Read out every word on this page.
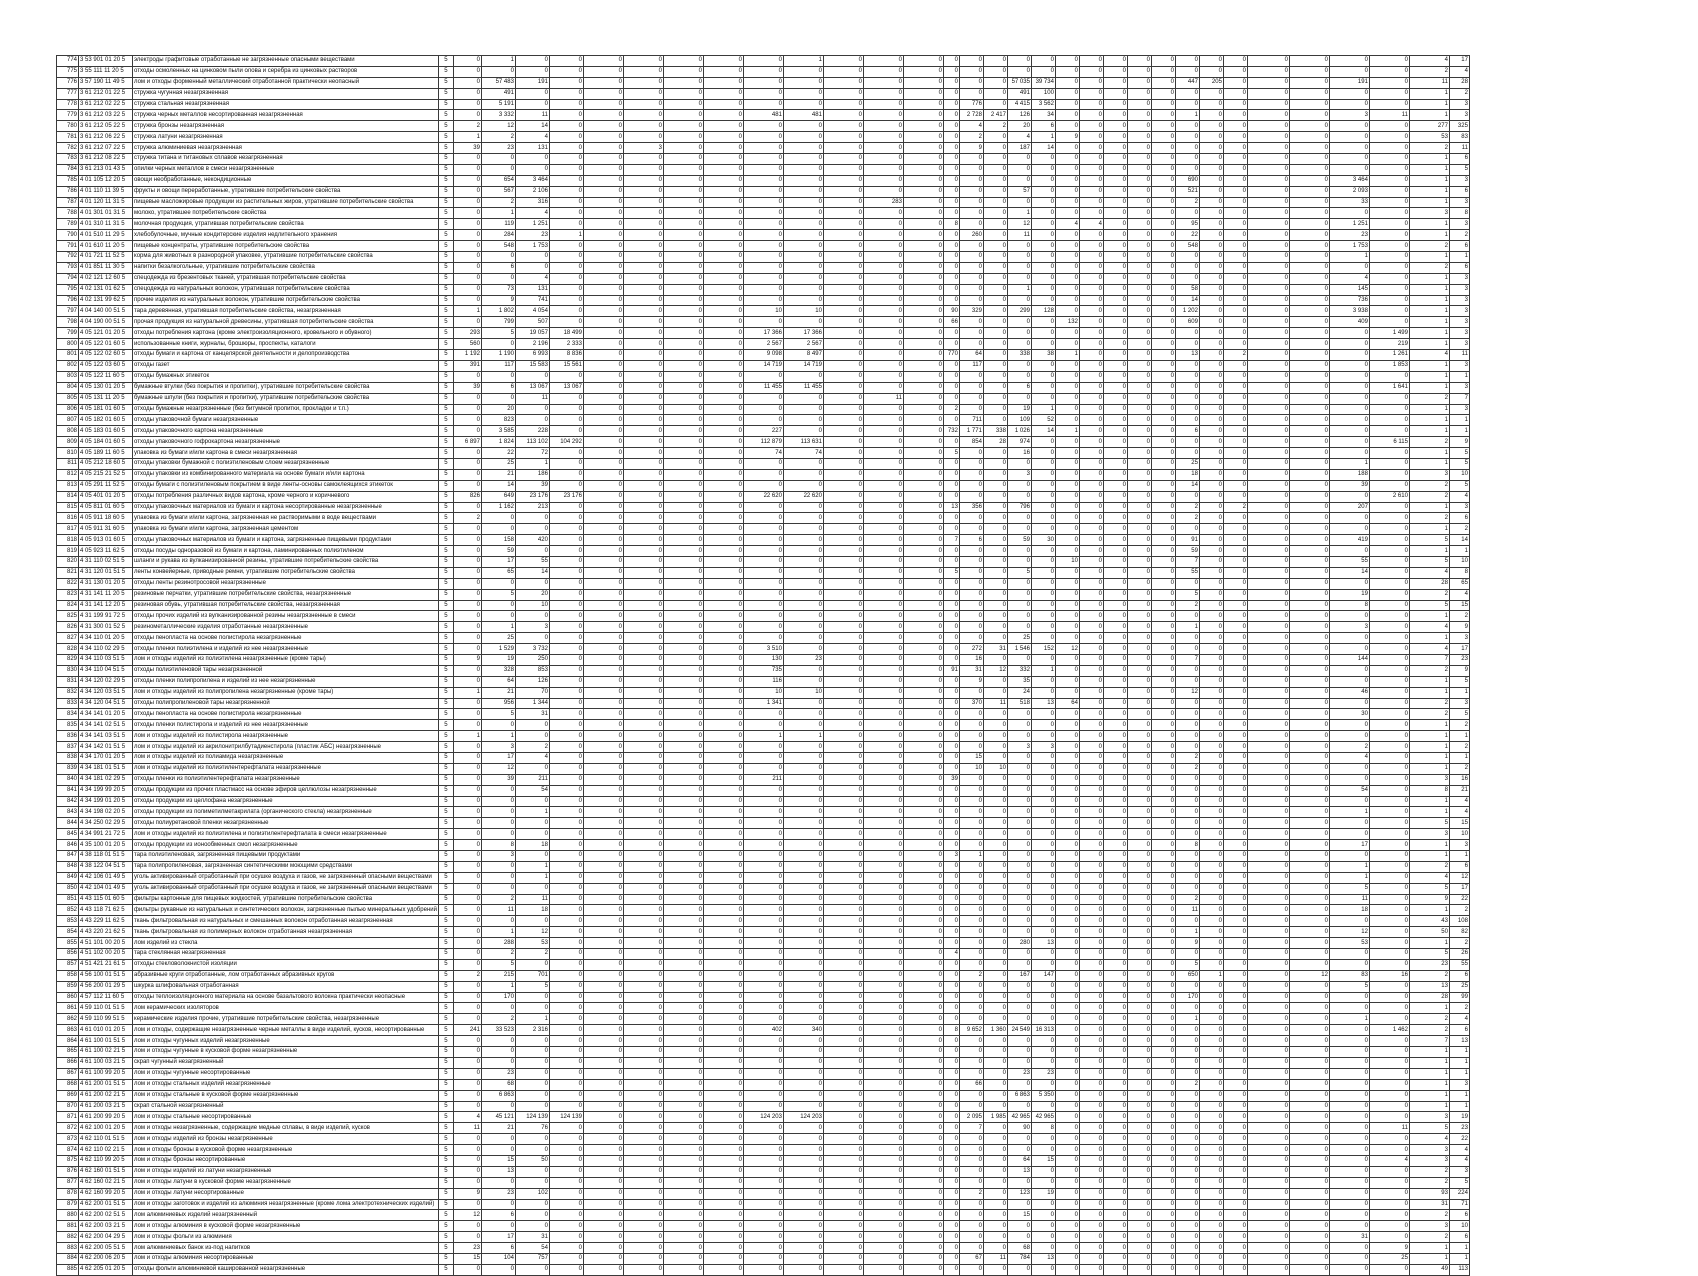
774	3 53 901 01 20 5	электроды графитовые отработанные не загрязненные опасными веществами	5	0	1	0	0	0	0	0	0	0	1	0	0	0	0	0	0	0	0	0	0	0	0	0	0	0	0	0	0	0	0	4	17
775	3 55 111 11 20 5	отходы осмоленных на цинковом пыли олова и серебра из цинковых растворов	5	0	0	0	0	0	0	0	0	0	0	0	0	0	0	0	0	0	0	0	0	0	0	0	0	0	0	0	0	0	0	2	4
776	3 57 190 11 49 5	лом и отходы форменный металлический отработанной практически неопасный	5	0	57 483	191	0	0	0	0	0	0	0	0	0	0	0	0	0	57 035	39 734	0	0	0	0	0	447	205	0	0	0	191	0	11	28
777	3 61 212 01 22 5	стружка чугунная незагрязненная	5	0	491	0	0	0	0	0	0	0	0	0	0	0	0	0	0	491	100	0	0	0	0	0	0	0	0	0	0	0	0	1	2
778	3 61 212 02 22 5	стружка стальная незагрязненная	5	0	5 191	0	0	0	0	0	0	0	0	0	0	0	0	776	0	4 415	3 562	0	0	0	0	0	0	0	0	0	0	0	0	1	3
779	3 61 212 03 22 5	стружка черных металлов несортированная незагрязненная	5	0	3 332	11	0	0	0	0	0	481	481	0	0	0	0	2 728	2 417	126	34	0	0	0	0	0	1	0	0	0	0	3	11	1	3
780	3 61 212 05 22 5	стружка бронзы незагрязненная	5	2	12	14	0	0	0	0	0	0	0	0	0	0	0	4	2	20	6	0	0	0	0	0	0	0	0	0	0	0	0	277	325
781	3 61 212 06 22 5	стружка латуни незагрязненная	5	1	2	4	0	0	0	0	0	0	0	0	0	0	0	2	0	4	1	9	0	0	0	0	0	0	0	0	0	0	0	53	83
782	3 61 212 07 22 5	стружка алюминиевая незагрязненная	5	39	23	131	0	0	3	0	0	0	0	0	0	0	0	9	0	187	14	0	0	0	0	0	0	0	0	0	0	0	0	2	11
783	3 61 212 08 22 5	стружка титана и титановых сплавов незагрязненная	5	0	0	0	0	0	0	0	0	0	0	0	0	0	0	0	0	0	0	0	0	0	0	0	0	0	0	0	0	0	0	1	6
784	3 61 213 01 43 5	опилки черных металлов в смеси незагрязненные	5	0	0	0	0	0	0	0	0	0	0	0	0	0	0	0	0	0	0	0	0	0	0	0	0	0	0	0	0	0	0	1	5
785	4 01 105 12 20 5	овощи необработанные, некондиционные	5	0	654	3 464	0	0	0	0	0	0	0	0	0	0	0	0	0	0	0	0	0	0	0	0	690	0	0	0	0	3 464	0	1	3
786	4 01 110 11 39 5	фрукты и овощи переработанные, утратившие потребительские свойства	5	0	567	2 106	0	0	0	0	0	0	0	0	0	0	0	0	0	57	0	0	0	0	0	0	521	0	0	0	0	2 093	0	1	6
787	4 01 120 11 31 5	пищевые масложировые продукции из растительных жиров, утратившие потребительские свойства	5	0	2	316	0	0	0	0	0	0	0	0	283	0	0	0	0	0	0	0	0	0	0	0	2	0	0	0	0	33	0	1	3
788	4 01 301 01 31 5	молоко, утратившее потребительские свойства	5	0	1	4	0	0	0	0	0	0	0	0	0	0	0	0	0	1	0	0	0	0	0	0	0	0	0	0	0	0	0	3	8
789	4 01 310 11 31 5	молочная продукция, утратившая потребительские свойства	5	0	119	1 251	0	0	0	0	0	0	0	0	0	0	8	0	0	12	0	4	4	0	0	0	95	0	0	0	0	1 251	0	1	3
790	4 01 510 11 29 5	хлебобулочные, мучные кондитерские изделия недлительного хранения	5	0	284	23	1	0	0	0	0	0	0	0	0	0	0	260	0	11	0	0	0	0	0	0	22	0	0	0	0	23	0	1	2
791	4 01 610 11 20 5	пищевые концентраты, утратившие потребительские свойства	5	0	548	1 753	0	0	0	0	0	0	0	0	0	0	0	0	0	0	0	0	0	0	0	0	548	0	0	0	0	1 753	0	2	6
792	4 01 721 11 52 5	корма для животных в разнородной упаковке, утратившие потребительские свойства	5	0	0	0	0	0	0	0	0	0	0	0	0	0	0	0	0	0	0	0	0	0	0	0	0	0	0	0	0	1	0	1	1
793	4 01 851 11 30 5	напитки безалкогольные, утратившие потребительские свойства	5	0	6	0	0	0	0	0	0	0	0	0	0	0	0	0	0	0	0	0	0	0	0	0	0	0	0	0	0	0	0	2	6
794	4 02 121 12 60 5	спецодежда из брезентовых тканей, утратившая потребительские свойства	5	0	0	4	0	0	0	0	0	0	0	0	0	0	0	0	0	0	0	0	0	0	0	0	0	0	0	0	0	4	0	1	3
795	4 02 131 01 62 5	спецодежда из натуральных волокон, утратившая потребительские свойства	5	0	73	131	0	0	0	0	0	0	0	0	0	0	0	0	0	1	0	0	0	0	0	0	58	0	0	0	0	145	0	1	3
796	4 02 131 99 62 5	прочие изделия из натуральных волокон, утратившие потребительские свойства	5	0	9	741	0	0	0	0	0	0	0	0	0	0	0	0	0	0	0	0	0	0	0	0	14	0	0	0	0	736	0	1	3
797	4 04 140 00 51 5	тара деревянная, утратившая потребительские свойства, незагрязненная	5	1	1 802	4 054	0	0	0	0	0	10	10	0	0	0	90	329	0	299	128	0	0	0	0	0	1 202	0	0	0	0	3 938	0	1	3
798	4 04 190 00 51 5	прочая продукция из натуральной древесины, утратившая потребительские свойства	5	0	799	507	0	0	0	0	0	0	0	0	0	0	66	0	0	0	0	132	0	0	0	0	609	0	0	0	0	409	0	1	3
799	4 05 121 01 20 5	отходы потребления картона (кроме электроизоляционного, кровельного и обувного)	5	293	5	19 057	18 499	0	0	0	0	17 366	17 366	0	0	0	0	0	0	0	0	0	0	0	0	0	0	0	0	0	0	0	1 499	1	3
800	4 05 122 01 60 5	использованные книги, журналы, брошюры, проспекты, каталоги	5	560	0	2 196	2 333	0	0	0	0	2 567	2 567	0	0	0	0	0	0	0	0	0	0	0	0	0	0	0	0	0	0	0	219	1	3
801	4 05 122 02 60 5	отходы бумаги и картона от канцелярской деятельности и делопроизводства	5	1 192	1 190	6 993	8 836	0	0	0	0	9 098	8 497	0	0	0	770	64	0	338	38	1	0	0	0	0	13	0	2	0	0	0	1 261	4	11
802	4 05 122 03 60 5	отходы газет	5	391	117	15 583	15 561	0	0	0	0	14 719	14 719	0	0	0	0	117	0	0	0	0	0	0	0	0	0	0	0	0	0	0	1 853	1	3
803	4 05 122 11 60 5	отходы бумажных этикеток	5	0	0	0	0	0	0	0	0	0	0	0	0	0	0	0	0	0	0	0	0	0	0	0	0	0	0	0	0	0	0	1	1
804	4 05 130 01 20 5	бумажные втулки (без покрытия и пропитки), утратившие потребительские свойства	5	39	6	13 067	13 067	0	0	0	0	11 455	11 455	0	0	0	0	0	0	6	0	0	0	0	0	0	0	0	0	0	0	0	1 641	1	3
805	4 05 131 11 20 5	бумажные шпули (без покрытия и пропитки), утратившие потребительские свойства	5	0	0	11	0	0	0	0	0	0	0	0	11	0	0	0	0	0	0	0	0	0	0	0	0	0	0	0	0	0	0	2	7
806	4 05 181 01 60 5	отходы бумажные незагрязненные (без битумной пропитки, прокладки и т.п.)	5	0	20	0	0	0	0	0	0	0	0	0	0	0	2	0	0	19	1	0	0	0	0	0	0	0	0	0	0	0	0	1	3
807	4 05 182 01 60 5	отходы упаковочной бумаги незагрязненные	5	0	823	0	0	0	0	0	0	0	0	0	0	0	0	711	0	109	52	0	0	0	0	0	0	0	0	0	0	0	0	1	1
808	4 05 183 01 60 5	отходы упаковочного картона незагрязненные	5	0	3 585	228	0	0	0	0	0	227	0	0	0	0	732	1 771	338	1 026	14	1	0	0	0	0	6	0	0	0	0	0	0	1	1
809	4 05 184 01 60 5	отходы упаковочного гофрокартона незагрязненные	5	6 897	1 824	113 102	104 292	0	0	0	0	112 879	113 631	0	0	0	0	854	28	974	0	0	0	0	0	0	0	0	0	0	0	0	6 115	2	9
810	4 05 189 11 60 5	упаковка из бумаги и/или картона в смеси незагрязненная	5	0	22	72	0	0	0	0	0	74	74	0	0	0	5	0	0	16	0	0	0	0	0	0	0	0	0	0	0	0	0	1	5
811	4 05 212 18 60 5	отходы упаковки бумажной с полиэтиленовым слоем незагрязненные	5	0	25	1	0	0	0	0	0	0	0	0	0	0	0	0	0	0	0	0	0	0	0	0	25	0	0	0	0	1	0	1	5
812	4 05 215 21 52 5	отходы упаковки из комбинированного материала на основе бумаги и/или картона	5	0	21	186	0	0	0	0	0	0	0	0	0	0	0	0	0	3	0	0	0	0	0	0	18	0	0	0	0	188	0	3	10
813	4 05 291 11 52 5	отходы бумаги с полиэтиленовым покрытием в виде ленты-основы самоклеящихся этикеток	5	0	14	39	0	0	0	0	0	0	0	0	0	0	0	0	0	0	0	0	0	0	0	0	14	0	0	0	0	39	0	2	5
814	4 05 401 01 20 5	отходы потребления различных видов картона, кроме черного и коричневого	5	826	649	23 176	23 176	0	0	0	0	22 620	22 620	0	0	0	0	0	0	0	0	0	0	0	0	0	0	0	0	0	0	0	2 610	2	4
815	4 05 811 01 60 5	отходы упаковочных материалов из бумаги и картона несортированные незагрязненные	5	0	1 162	213	0	0	0	0	0	0	0	0	0	0	13	356	0	796	0	0	0	0	0	0	2	0	2	0	0	207	0	1	3
816	4 05 911 18 60 5	упаковка из бумаги и/или картона, загрязненная не растворимыми в воде веществами	5	2	0	0	0	0	0	0	0	0	0	0	0	0	0	0	0	0	0	0	0	0	0	0	2	0	0	0	0	0	0	2	6
817	4 05 911 31 60 5	упаковка из бумаги и/или картона, загрязненная цементом	5	0	0	0	0	0	0	0	0	0	0	0	0	0	0	0	0	0	0	0	0	0	0	0	0	0	0	0	0	0	0	1	2
818	4 05 913 01 60 5	отходы упаковочных материалов из бумаги и картона, загрязненные пищевыми продуктами	5	0	158	420	0	0	0	0	0	0	0	0	0	0	7	6	0	59	30	0	0	0	0	0	91	0	0	0	0	419	0	5	14
819	4 05 923 11 62 5	отходы посуды одноразовой из бумаги и картона, ламинированных полиэтиленом	5	0	59	0	0	0	0	0	0	0	0	0	0	0	0	0	0	0	0	0	0	0	0	0	59	0	0	0	0	0	0	1	1
820	4 31 110 02 51 5	шланги и рукава из вулканизированной резины, утратившие потребительские свойства	5	0	17	55	0	0	0	0	0	0	0	0	0	0	0	0	0	0	0	10	0	0	0	0	7	0	0	0	0	55	0	5	10
821	4 31 120 01 51 5	ленты конвейерные, приводные ремни, утратившие потребительские свойства	5	0	65	14	0	0	0	0	0	0	0	0	0	0	5	0	0	5	0	0	0	0	0	0	55	0	0	0	0	14	0	4	8
822	4 31 130 01 20 5	отходы ленты резинотросовой незагрязненные	5	0	0	0	0	0	0	0	0	0	0	0	0	0	0	0	0	0	0	0	0	0	0	0	0	0	0	0	0	0	0	28	65
823	4 31 141 11 20 5	резиновые перчатки, утратившие потребительские свойства, незагрязненные	5	0	5	20	0	0	0	0	0	0	0	0	0	0	0	0	0	0	0	0	0	0	0	0	5	0	0	0	0	19	0	2	4
824	4 31 141 12 20 5	резиновая обувь, утратившая потребительские свойства, незагрязненная	5	0	0	10	0	0	0	0	0	0	0	0	0	0	0	0	0	0	0	0	0	0	0	0	2	0	0	0	0	8	0	5	15
825	4 31 199 91 72 5	отходы прочих изделий из вулканизированной резины незагрязненные в смеси	5	0	0	0	0	0	0	0	0	0	0	0	0	0	0	0	0	0	0	0	0	0	0	0	0	0	0	0	0	0	0	1	2
826	4 31 300 01 52 5	резинометаллические изделия отработанные незагрязненные	5	0	1	3	0	0	0	0	0	0	0	0	0	0	0	0	0	0	0	0	0	0	0	0	1	0	0	0	0	3	0	4	9
827	4 34 110 01 20 5	отходы пенопласта на основе полистирола незагрязненные	5	0	25	0	0	0	0	0	0	0	0	0	0	0	0	0	0	25	0	0	0	0	0	0	0	0	0	0	0	0	0	1	3
828	4 34 110 02 29 5	отходы пленки полиэтилена и изделий из нее незагрязненные	5	0	1 529	3 732	0	0	0	0	0	3 510	0	0	0	0	0	272	31	1 546	152	12	0	0	0	0	0	0	0	0	0	0	0	4	17
829	4 34 110 03 51 5	лом и отходы изделий из полиэтилена незагрязненные (кроме тары)	5	9	19	250	0	0	0	0	0	130	23	0	0	0	0	16	0	0	0	0	0	0	0	0	7	0	0	0	0	144	0	7	23
830	4 34 110 04 51 5	отходы полиэтиленовой тары незагрязненной	5	0	328	853	0	0	0	0	0	735	0	0	0	0	91	31	12	332	1	0	0	0	0	0	0	0	0	0	0	0	0	2	9
831	4 34 120 02 29 5	отходы пленки полипропилена и изделий из нее незагрязненные	5	0	64	126	0	0	0	0	0	116	0	0	0	0	0	9	0	35	0	0	0	0	0	0	0	0	0	0	0	0	0	1	5
832	4 34 120 03 51 5	лом и отходы изделий из полипропилена незагрязненные (кроме тары)	5	1	21	70	0	0	0	0	0	10	10	0	0	0	0	0	0	24	0	0	0	0	0	0	12	0	0	0	0	46	0	1	1
833	4 34 120 04 51 5	отходы полипропиленовой тары незагрязненной	5	0	956	1 344	0	0	0	0	0	1 341	0	0	0	0	0	370	11	518	13	64	0	0	0	0	0	0	0	0	0	0	0	2	3
834	4 34 141 01 20 5	отходы пенопласта на основе полистирола незагрязненные	5	0	5	31	0	0	0	0	0	0	0	0	0	0	0	0	0	0	0	0	0	0	0	0	0	0	0	0	0	30	0	2	5
835	4 34 141 02 51 5	отходы пленки полистирола и изделий из нее незагрязненные	5	0	0	0	0	0	0	0	0	0	0	0	0	0	0	0	0	0	0	0	0	0	0	0	0	0	0	0	0	0	0	1	2
836	4 34 141 03 51 5	лом и отходы изделий из полистирола незагрязненные	5	1	1	0	0	0	0	0	0	1	1	0	0	0	0	0	0	0	0	0	0	0	0	0	0	0	0	0	0	0	0	1	1
837	4 34 142 01 51 5	лом и отходы изделий из акрилонитрилбутадиенстирола (пластик АБС) незагрязненные	5	0	3	2	0	0	0	0	0	0	0	0	0	0	0	0	0	3	3	0	0	0	0	0	0	0	0	0	0	2	0	1	2
838	4 34 170 01 20 5	лом и отходы изделий из полиамида незагрязненные	5	0	17	4	0	0	0	0	0	0	0	0	0	0	0	15	0	0	0	0	0	0	0	0	2	0	0	0	0	4	0	1	1
839	4 34 181 01 51 5	лом и отходы изделий из полиэтилентерефталата незагрязненные	5	0	12	0	0	0	0	0	0	0	0	0	0	0	0	10	10	0	0	0	0	0	0	0	2	0	0	0	0	0	0	1	2
840	4 34 181 02 29 5	отходы пленки из полиэтилентерефталата незагрязненные	5	0	39	211	0	0	0	0	0	211	0	0	0	0	39	0	0	0	0	0	0	0	0	0	0	0	0	0	0	0	0	3	16
841	4 34 199 99 20 5	отходы продукции из прочих пластмасс на основе эфиров целлюлозы незагрязненные	5	0	0	54	0	0	0	0	0	0	0	0	0	0	0	0	0	0	0	0	0	0	0	0	0	0	0	0	0	54	0	8	21
842	4 34 199 01 20 5	отходы продукции из целлофана незагрязненные	5	0	0	0	0	0	0	0	0	0	0	0	0	0	0	0	0	0	0	0	0	0	0	0	0	0	0	0	0	0	0	1	4
843	4 34 198 02 20 5	отходы продукции из полиметилметакрилата (органического стекла) незагрязненные	5	0	0	1	0	0	0	0	0	0	0	0	0	0	0	0	0	0	0	0	0	0	0	0	0	0	0	0	0	1	0	1	4
844	4 34 250 02 29 5	отходы полиуретановой пленки незагрязненные	5	0	0	0	0	0	0	0	0	0	0	0	0	0	0	0	0	0	0	0	0	0	0	0	0	0	0	0	0	0	0	5	15
845	4 34 991 21 72 5	лом и отходы изделий из полиэтилена и полиэтилентерефталата в смеси незагрязненные	5	0	0	0	0	0	0	0	0	0	0	0	0	0	0	0	0	0	0	0	0	0	0	0	0	0	0	0	0	0	0	3	10
846	4 35 100 01 20 5	отходы продукции из ионообменных смол незагрязненные	5	0	8	18	0	0	0	0	0	0	0	0	0	0	0	0	0	0	0	0	0	0	0	0	8	0	0	0	0	17	0	1	3
847	4 38 118 01 51 5	тара полиэтиленовая, загрязненная пищевыми продуктами	5	0	3	0	0	0	0	0	0	0	0	0	0	0	3	1	0	0	0	0	0	0	0	0	0	0	0	0	0	0	0	1	1
848	4 38 122 04 51 5	тара полипропиленовая, загрязненная синтетическими моющими средствами	5	0	0	1	0	0	0	0	0	0	0	0	0	0	0	0	0	0	0	0	0	0	0	0	0	0	0	0	0	1	0	2	6
849	4 42 106 01 49 5	уголь активированный отработанный при осушке воздуха и газов, не загрязненный опасными веществами	5	0	0	1	0	0	0	0	0	0	0	0	0	0	0	0	0	0	0	0	0	0	0	0	0	0	0	0	0	1	0	4	12
850	4 42 104 01 49 5	уголь активированный отработанный при осушке воздуха и газов, не загрязненный опасными веществами	5	0	0	0	0	0	0	0	0	0	0	0	0	0	0	0	0	0	0	0	0	0	0	0	0	0	0	0	0	5	0	5	17
851	4 43 115 01 60 5	фильтры картонные для пищевых жидкостей, утратившие потребительские свойства	5	0	2	11	0	0	0	0	0	0	0	0	0	0	0	0	0	0	0	0	0	0	0	0	2	0	0	0	0	11	0	9	22
852	4 43 118 71 62 5	фильтры рукавные из натуральных и синтетических волокон, загрязненные пылью минеральных удобрений	5	0	11	18	0	0	0	0	0	0	0	0	0	0	0	0	0	0	0	0	0	0	0	0	11	0	0	0	0	18	0	1	2
853	4 43 229 11 62 5	ткань фильтровальная из натуральных и смешанных волокон отработанная незагрязненная	5	0	0	0	0	0	0	0	0	0	0	0	0	0	0	0	0	0	0	0	0	0	0	0	0	0	0	0	0	0	0	43	108
854	4 43 220 21 62 5	ткань фильтровальная из полимерных волокон отработанная незагрязненная	5	0	1	12	0	0	0	0	0	0	0	0	0	0	0	0	0	0	0	0	0	0	0	0	1	0	0	0	0	12	0	50	82
855	4 51 101 00 20 5	лом изделий из стекла	5	0	288	53	0	0	0	0	0	0	0	0	0	0	0	0	0	280	13	0	0	0	0	0	9	0	0	0	0	53	0	1	2
856	4 51 102 00 20 5	тара стеклянная незагрязненная	5	0	2	2	0	0	0	0	0	0	0	0	0	0	4	0	0	0	0	0	0	0	0	0	0	0	0	0	0	0	0	5	26
857	4 51 421 21 61 5	отходы стекловолокнистой изоляции	5	0	5	0	0	0	0	0	0	0	0	0	0	0	0	0	0	0	0	0	0	0	0	0	5	0	0	0	0	0	0	23	55
858	4 56 100 01 51 5	абразивные круги отработанные, лом отработанных абразивных кругов	5	2	215	701	0	0	0	0	0	0	0	0	0	0	0	2	0	167	147	0	0	0	0	0	650	1	0	0	12	83	16	2	6
859	4 56 200 01 29 5	шкурка шлифовальная отработанная	5	0	1	5	0	0	0	0	0	0	0	0	0	0	0	0	0	0	0	0	0	0	0	0	0	0	0	0	0	5	0	13	25
860	4 57 112 11 60 5	отходы теплоизоляционного материала на основе базальтового волокна практически неопасные	5	0	170	0	0	0	0	0	0	0	0	0	0	0	0	0	0	0	0	0	0	0	0	0	170	0	0	0	0	0	0	28	99
861	4 59 110 01 51 5	лом керамических изоляторов	5	0	0	0	0	0	0	0	0	0	0	0	0	0	0	0	0	0	0	0	0	0	0	0	0	0	0	0	0	0	0	1	2
862	4 59 110 99 51 5	керамические изделия прочие, утратившие потребительские свойства, незагрязненные	5	0	2	1	0	0	0	0	0	0	0	0	0	0	0	0	0	0	0	0	0	0	0	0	1	0	0	0	0	1	0	2	4
863	4 61 010 01 20 5	лом и отходы, содержащие незагрязненные черные металлы в виде изделий, кусков, несортированные	5	241	33 523	2 316	0	0	0	0	0	402	340	0	0	0	8	9 652	1 360	24 549	16 313	0	0	0	0	0	0	0	0	0	0	0	1 462	2	6
864	4 61 100 01 51 5	лом и отходы чугунных изделий незагрязненные	5	0	0	0	0	0	0	0	0	0	0	0	0	0	0	0	0	0	0	0	0	0	0	0	0	0	0	0	0	0	0	7	13
865	4 61 100 02 21 5	лом и отходы чугунные в кусковой форме незагрязненные	5	0	0	0	0	0	0	0	0	0	0	0	0	0	0	0	0	0	0	0	0	0	0	0	0	0	0	0	0	0	0	1	1
866	4 61 100 03 21 5	скрап чугунный незагрязненный	5	0	0	0	0	0	0	0	0	0	0	0	0	0	0	0	0	0	0	0	0	0	0	0	0	0	0	0	0	0	0	1	1
867	4 61 100 99 20 5	лом и отходы чугунные несортированные	5	0	23	0	0	0	0	0	0	0	0	0	0	0	0	0	0	23	23	0	0	0	0	0	0	0	0	0	0	0	0	1	1
868	4 61 200 01 51 5	лом и отходы стальных изделий незагрязненные	5	0	68	0	0	0	0	0	0	0	0	0	0	0	0	66	0	0	0	0	0	0	0	0	2	0	0	0	0	0	0	1	3
869	4 61 200 02 21 5	лом и отходы стальные в кусковой форме незагрязненные	5	0	6 863	0	0	0	0	0	0	0	0	0	0	0	0	0	0	6 863	5 350	0	0	0	0	0	0	0	0	0	0	0	0	1	1
870	4 61 200 03 21 5	скрап стальной незагрязненный	5	0	0	0	0	0	0	0	0	0	0	0	0	0	0	0	0	0	0	0	0	0	0	0	0	0	0	0	0	0	0	1	1
871	4 61 200 99 20 5	лом и отходы стальные несортированные	5	4	45 121	124 139	124 139	0	0	0	0	124 203	124 203	0	0	0	0	2 095	1 985	42 965	42 965	0	0	0	0	0	0	0	0	0	0	0	0	3	19
872	4 62 100 01 20 5	лом и отходы незагрязненные, содержащие медные сплавы, в виде изделий, кусков	5	11	21	76	0	0	0	0	0	0	0	0	0	0	0	7	0	90	8	0	0	0	0	0	0	0	0	0	0	0	11	5	23
873	4 62 110 01 51 5	лом и отходы изделий из бронзы незагрязненные	5	0	0	0	0	0	0	0	0	0	0	0	0	0	0	0	0	0	0	0	0	0	0	0	0	0	0	0	0	0	0	4	22
874	4 62 110 02 21 5	лом и отходы бронзы в кусковой форме незагрязненные	5	0	0	0	0	0	0	0	0	0	0	0	0	0	0	0	0	0	0	0	0	0	0	0	0	0	0	0	0	0	0	3	4
875	4 62 110 99 20 5	лом и отходы бронзы несортированные	5	0	15	50	0	0	0	0	0	0	0	0	0	0	0	0	0	64	15	0	0	0	0	0	0	0	0	0	0	0	4	3	4
876	4 62 160 01 51 5	лом и отходы изделий из латуни незагрязненные	5	0	13	0	0	0	0	0	0	0	0	0	0	0	0	0	0	13	0	0	0	0	0	0	0	0	0	0	0	0	0	2	3
877	4 62 160 02 21 5	лом и отходы латуни в кусковой форме незагрязненные	5	0	0	0	0	0	0	0	0	0	0	0	0	0	0	0	0	0	0	0	0	0	0	0	0	0	0	0	0	0	0	2	5
878	4 62 160 99 20 5	лом и отходы латуни несортированные	5	9	23	102	0	0	0	0	0	0	0	0	0	0	0	2	0	123	19	0	0	0	0	0	0	0	0	0	0	0	0	93	224
879	4 62 200 01 51 5	лом и отходы заготовок и изделий из алюминия незагрязненные (кроме лома электротехнических изделий)	5	0	0	0	0	0	0	0	0	0	0	0	0	0	0	0	0	0	0	0	0	0	0	0	0	0	0	0	0	0	0	31	71
880	4 62 200 02 51 5	лом алюминиевых изделий незагрязненный	5	12	6	0	0	0	0	0	0	0	0	0	0	0	0	0	0	15	0	0	0	0	0	0	0	0	0	0	0	0	0	2	6
881	4 62 200 03 21 5	лом и отходы алюминия в кусковой форме незагрязненные	5	0	0	0	0	0	0	0	0	0	0	0	0	0	0	0	0	0	0	0	0	0	0	0	0	0	0	0	0	0	0	3	10
882	4 62 200 04 29 5	лом и отходы фольги из алюминия	5	0	17	31	0	0	0	0	0	0	0	0	0	0	0	0	0	0	0	0	0	0	0	0	0	0	0	0	0	31	0	2	6
883	4 62 200 05 51 5	лом алюминиевых банок из-под напитков	5	23	6	54	0	0	0	0	0	0	0	0	0	0	0	0	0	68	0	0	0	0	0	0	0	0	0	0	0	0	9	1	1
884	4 62 200 06 20 5	лом и отходы алюминия несортированные	5	15	104	757	0	0	0	0	0	0	0	0	0	0	0	67	11	784	13	0	0	0	0	0	0	0	0	0	0	0	25	1	1
885	4 62 205 01 20 5	отходы фольги алюминиевой кашированной незагрязненные	5	0	0	0	0	0	0	0	0	0	0	0	0	0	0	0	0	0	0	0	0	0	0	0	0	0	0	0	0	0	0	49	113
